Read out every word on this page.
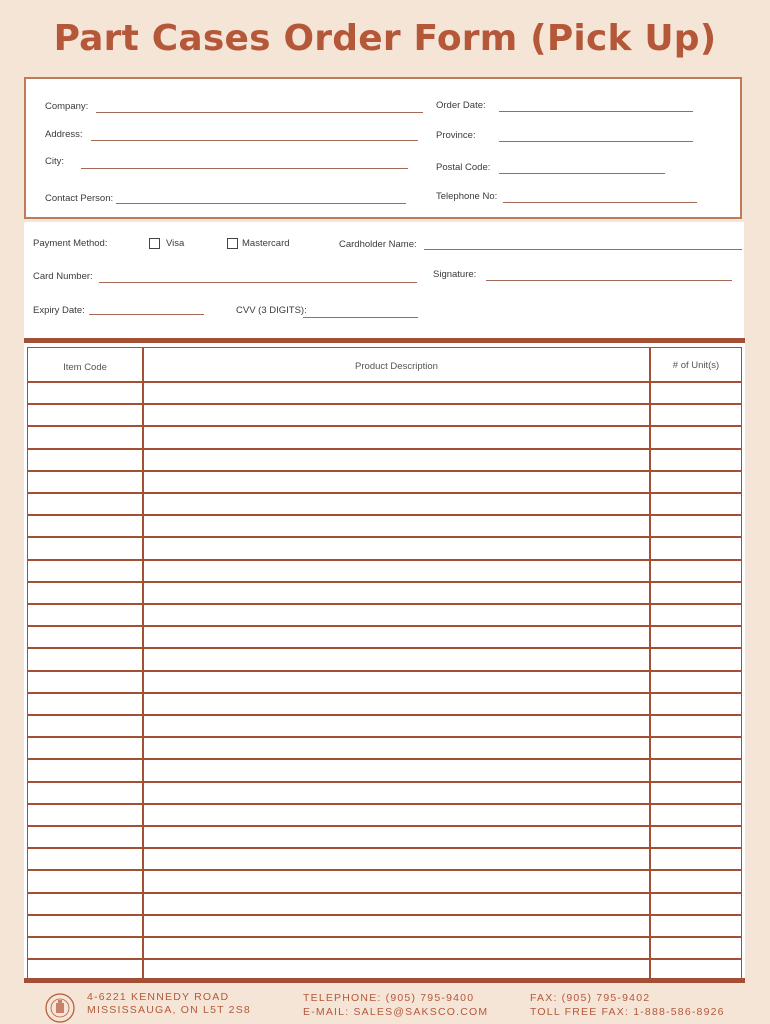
Part Cases Order Form (Pick Up)
Company:
Address:
City:
Contact Person:
Order Date:
Province:
Postal Code:
Telephone No:
Payment Method:	Visa	Mastercard	Cardholder Name:
Card Number:	Signature:
Expiry Date:	CVV (3 DIGITS):
Item Code	Product Description	# of Unit(s)
4-6221 KENNEDY ROAD
MISSISSAUGA, ON L5T 2S8
TELEPHONE: (905) 795-9400
E-MAIL: SALES@SAKSCO.COM
FAX: (905) 795-9402
TOLL FREE FAX: 1-888-586-8926
